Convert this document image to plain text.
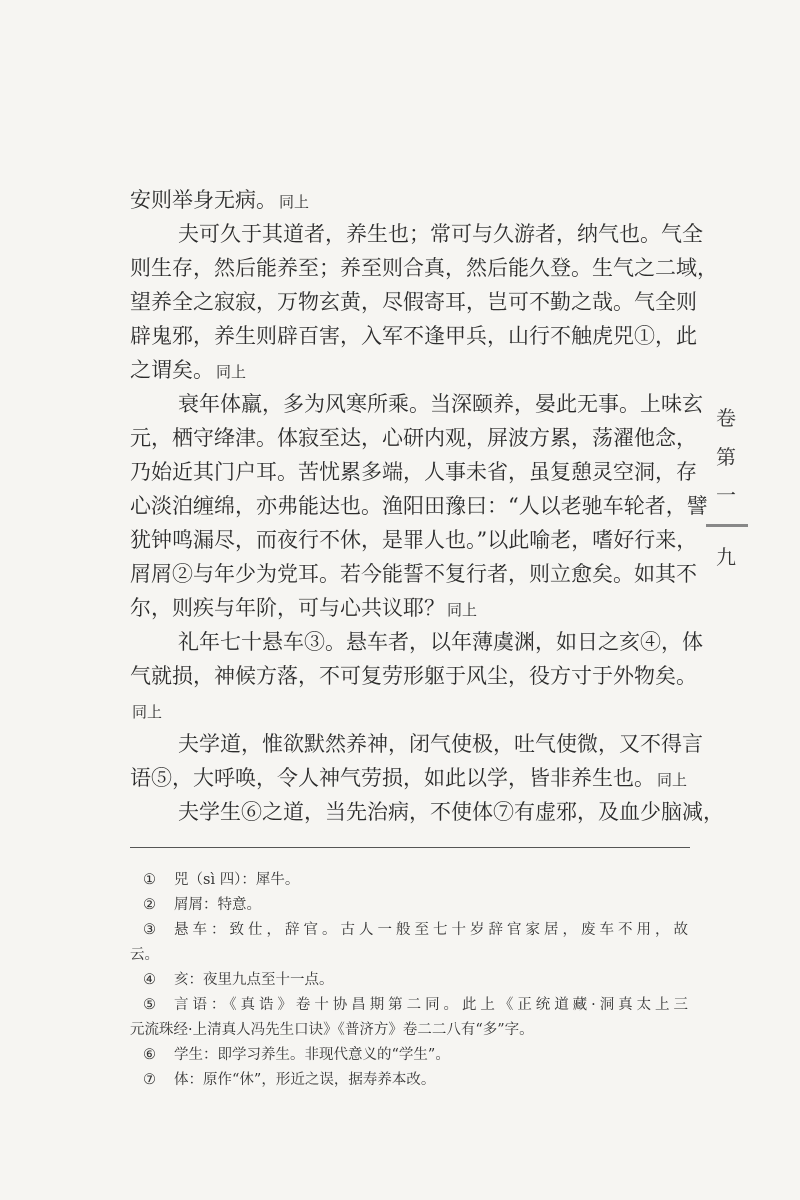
安则举身无病。 同上
夫可久于其道者，养生也；常可与久游者，纳气也。气全
则生存，然后能养至；养至则合真，然后能久登。生气之二域，
望养全之寂寂，万物玄黄，尽假寄耳，岂可不勤之哉。气全则
辟鬼邪，养生则辟百害，入军不逢甲兵，山行不触虎兕①，此
之谓矣。 同上
衰年体羸，多为风寒所乘。当深颐养，晏此无事。上味玄
元，栖守绛津。体寂至达，心研内观，屏波方累，荡濯他念，
乃始近其门户耳。苦忧累多端，人事未省，虽复憩灵空洞，存
心淡泊缠绵，亦弗能达也。渔阳田豫曰：“人以老驰车轮者，譬
犹钟鸣漏尽，而夜行不休，是罪人也。”以此喻老，嗜好行来，
屑屑②与年少为党耳。若今能誓不复行者，则立愈矣。如其不
尔，则疾与年阶，可与心共议耶？ 同上
礼年七十悬车③。悬车者，以年薄虞渊，如日之亥④，体
气就损，神候方落，不可复劳形躯于风尘，役方寸于外物矣。
同上
夫学道，惟欲默然养神，闭气使极，吐气使微，又不得言
语⑤，大呼唤，令人神气劳损，如此以学，皆非养生也。 同上
夫学生⑥之道，当先治病，不使体⑦有虚邪，及血少脑减，
① 兕（sì 四）：犀牛。
② 屑屑：特意。
③ 悬车：致仕，辞官。古人一般至七十岁辞官家居，废车不用，故
云。
④ 亥：夜里九点至十一点。
⑤ 言语：《真诰》卷十协昌期第二同。此上《正统道藏·洞真太上三
元流珠经·上清真人冯先生口诀》《普济方》卷二二八有“多”字。
⑥ 学生：即学习养生。非现代意义的“学生”。
⑦ 体：原作“休”，形近之误，据寿养本改。
卷
第
一
九
